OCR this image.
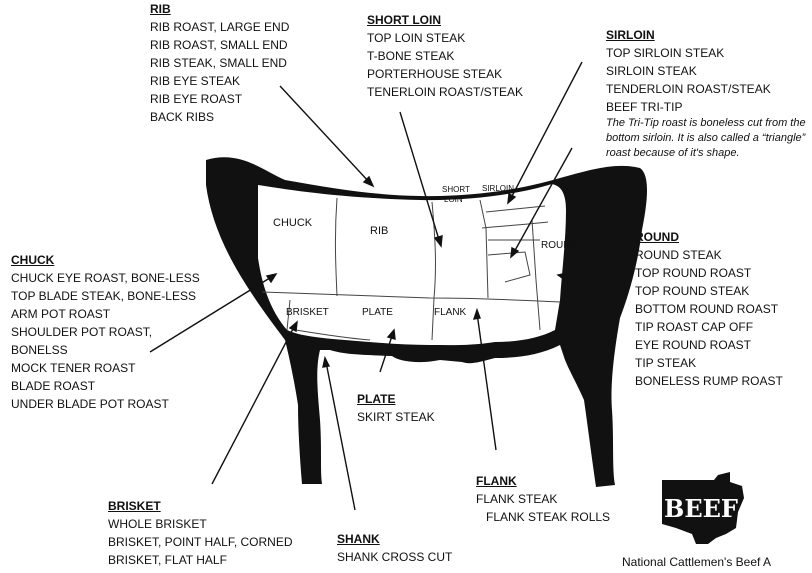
CHUCK
RIB
SHORT
LOIN
SIRLOIN
ROUND
BRISKET	PLATE	FLANK
RIB
RIB ROAST, LARGE END
RIB ROAST, SMALL END
RIB STEAK, SMALL END
RIB EYE STEAK
RIB EYE ROAST
BACK RIBS
SHORT LOIN
TOP LOIN STEAK
T-BONE STEAK
PORTERHOUSE STEAK
TENERLOIN ROAST/STEAK
SIRLOIN
TOP SIRLOIN STEAK
SIRLOIN STEAK
TENDERLOIN ROAST/STEAK
BEEF TRI-TIP
The Tri-Tip roast is boneless cut from the bottom sirloin. It is also called a “triangle” roast because of it's shape.
CHUCK
CHUCK EYE ROAST, BONE-LESS
TOP BLADE STEAK, BONE-LESS
ARM POT ROAST
SHOULDER POT ROAST, BONELSS
MOCK TENER ROAST
BLADE ROAST
UNDER BLADE POT ROAST
ROUND
ROUND STEAK
TOP ROUND ROAST
TOP ROUND STEAK
BOTTOM ROUND ROAST
TIP ROAST CAP OFF
EYE ROUND ROAST
TIP STEAK
BONELESS RUMP ROAST
PLATE
SKIRT STEAK
FLANK
FLANK STEAK
FLANK STEAK ROLLS
BRISKET
WHOLE BRISKET
BRISKET, POINT HALF, CORNED
BRISKET, FLAT HALF
SHANK
SHANK CROSS CUT
BEEF
National Cattlemen's Beef A
